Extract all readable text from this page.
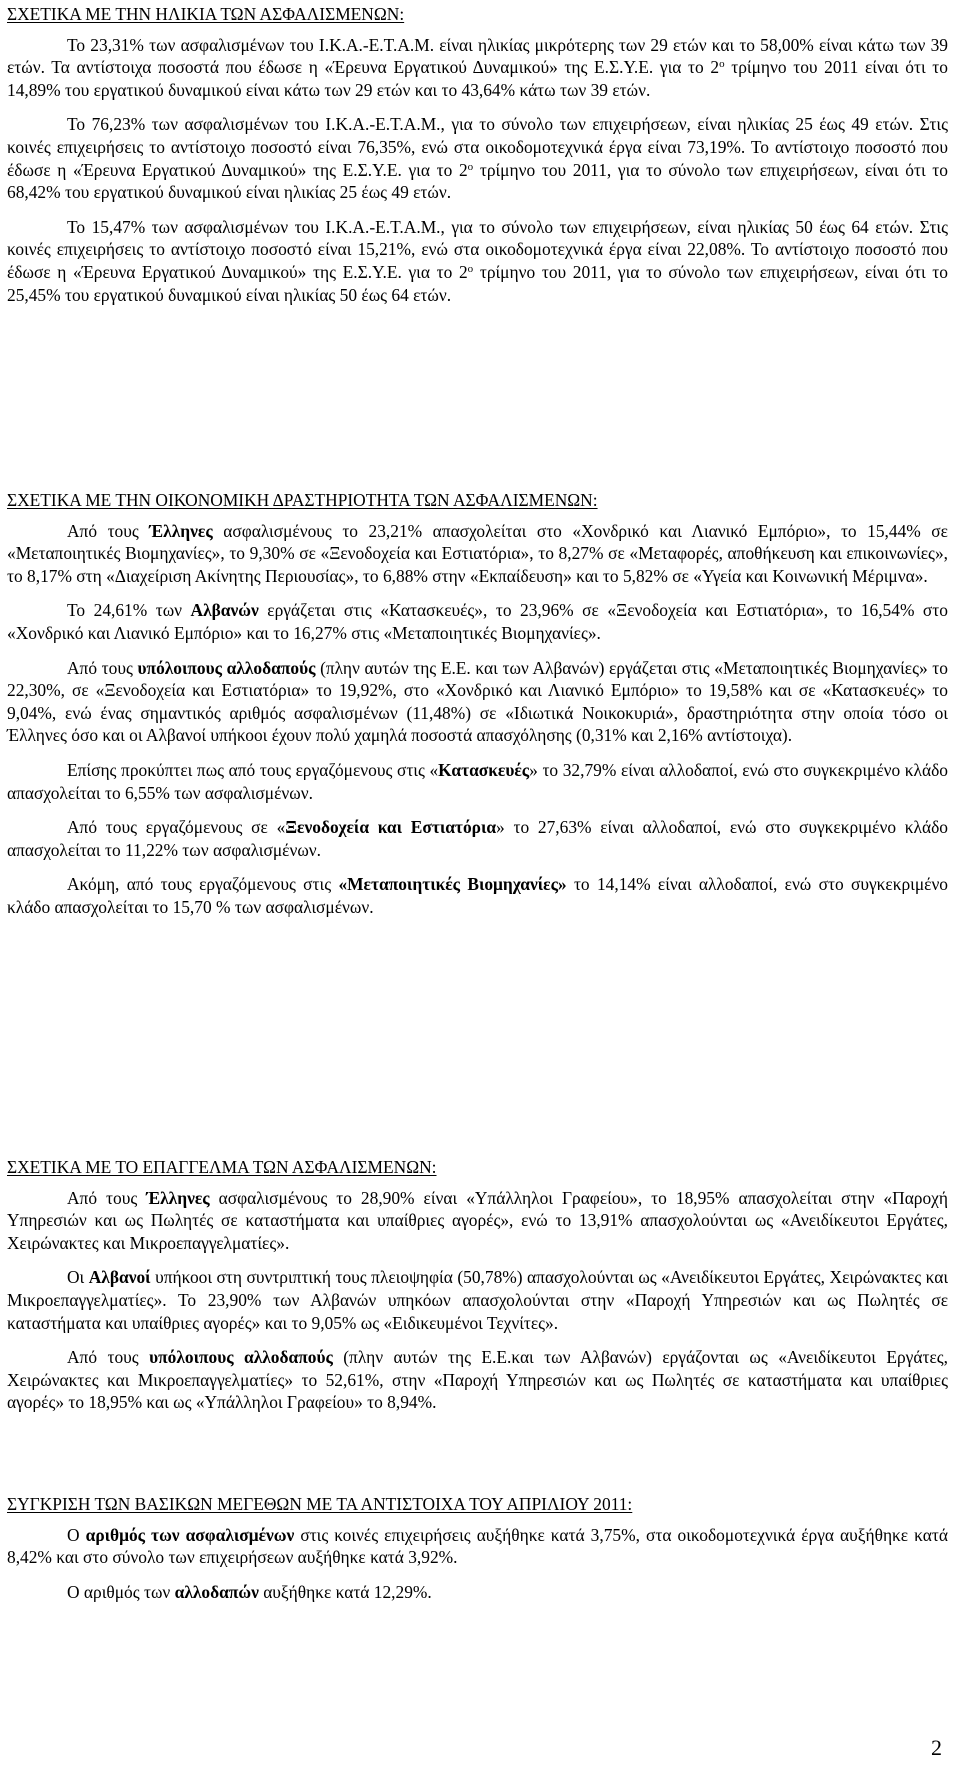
ΣΧΕΤΙΚΑ ΜΕ ΤΗΝ ΗΛΙΚΙΑ ΤΩΝ ΑΣΦΑΛΙΣΜΕΝΩΝ:

Το 23,31% των ασφαλισμένων του Ι.Κ.Α.-Ε.Τ.Α.Μ. είναι ηλικίας μικρότερης των 29 ετών και το 58,00% είναι κάτω των 39 ετών. Τα αντίστοιχα ποσοστά που έδωσε η «Έρευνα Εργατικού Δυναμικού» της Ε.Σ.Υ.Ε. για το $2^o$ τρίμηνο του 2011 είναι ότι το 14,89% του εργατικού δυναμικού είναι κάτω των 29 ετών και το 43,64% κάτω των 39 ετών.

Το 76,23% των ασφαλισμένων του Ι.Κ.Α.-Ε.Τ.Α.Μ., για το σύνολο των επιχειρήσεων, είναι ηλικίας 25 έως 49 ετών. Στις κοινές επιχειρήσεις το αντίστοιχο ποσοστό είναι 76,35%, ενώ στα οικοδομοτεχνικά έργα είναι 73,19%. Το αντίστοιχο ποσοστό που έδωσε η «Έρευνα Εργατικού Δυναμικού» της Ε.Σ.Υ.Ε. για το $2^o$ τρίμηνο του 2011, για το σύνολο των επιχειρήσεων, είναι ότι το 68,42% του εργατικού δυναμικού είναι ηλικίας 25 έως 49 ετών.

Το 15,47% των ασφαλισμένων του Ι.Κ.Α.-Ε.Τ.Α.Μ., για το σύνολο των επιχειρήσεων, είναι ηλικίας 50 έως 64 ετών. Στις κοινές επιχειρήσεις το αντίστοιχο ποσοστό είναι 15,21%, ενώ στα οικοδομοτεχνικά έργα είναι 22,08%. Το αντίστοιχο ποσοστό που έδωσε η «Έρευνα Εργατικού Δυναμικού» της Ε.Σ.Υ.Ε. για το $2^o$ τρίμηνο του 2011, για το σύνολο των επιχειρήσεων, είναι ότι το 25,45% του εργατικού δυναμικού είναι ηλικίας 50 έως 64 ετών.

ΣΧΕΤΙΚΑ ΜΕ ΤΗΝ ΟΙΚΟΝΟΜΙΚΗ ΔΡΑΣΤΗΡΙΟΤΗΤΑ ΤΩΝ ΑΣΦΑΛΙΣΜΕΝΩΝ:

Από τους Έλληνες ασφαλισμένους το 23,21% απασχολείται στο «Χονδρικό και Λιανικό Εμπόριο», το 15,44% σε «Μεταποιητικές Βιομηχανίες», το 9,30% σε «Ξενοδοχεία και Εστιατόρια», το 8,27% σε «Μεταφορές, αποθήκευση και επικοινωνίες», το 8,17% στη «Διαχείριση Ακίνητης Περιουσίας», το 6,88% στην «Εκπαίδευση» και το 5,82% σε «Υγεία και Κοινωνική Μέριμνα».

Το 24,61% των Αλβανών εργάζεται στις «Κατασκευές», το 23,96% σε «Ξενοδοχεία και Εστιατόρια», το 16,54% στο «Χονδρικό και Λιανικό Εμπόριο» και το 16,27% στις «Μεταποιητικές Βιομηχανίες».

Από τους υπόλοιπους αλλοδαπούς (πλην αυτών της Ε.Ε. και των Αλβανών) εργάζεται στις «Μεταποιητικές Βιομηχανίες» το 22,30%, σε «Ξενοδοχεία και Εστιατόρια» το 19,92%, στο «Χονδρικό και Λιανικό Εμπόριο» το 19,58% και σε «Κατασκευές» το 9,04%, ενώ ένας σημαντικός αριθμός ασφαλισμένων (11,48%) σε «Ιδιωτικά Νοικοκυριά», δραστηριότητα στην οποία τόσο οι Έλληνες όσο και οι Αλβανοί υπήκοοι έχουν πολύ χαμηλά ποσοστά απασχόλησης (0,31% και 2,16% αντίστοιχα).

Επίσης προκύπτει πως από τους εργαζόμενους στις «Κατασκευές» το 32,79% είναι αλλοδαποί, ενώ στο συγκεκριμένο κλάδο απασχολείται το 6,55% των ασφαλισμένων.

Από τους εργαζόμενους σε «Ξενοδοχεία και Εστιατόρια» το 27,63% είναι αλλοδαποί, ενώ στο συγκεκριμένο κλάδο απασχολείται το 11,22% των ασφαλισμένων.

Ακόμη, από τους εργαζόμενους στις «Μεταποιητικές Βιομηχανίες» το 14,14% είναι αλλοδαποί, ενώ στο συγκεκριμένο κλάδο απασχολείται το 15,70 % των ασφαλισμένων.

ΣΧΕΤΙΚΑ ΜΕ ΤΟ ΕΠΑΓΓΕΛΜΑ ΤΩΝ ΑΣΦΑΛΙΣΜΕΝΩΝ:

Από τους Έλληνες ασφαλισμένους το 28,90% είναι «Υπάλληλοι Γραφείου», το 18,95% απασχολείται στην «Παροχή Υπηρεσιών και ως Πωλητές σε καταστήματα και υπαίθριες αγορές», ενώ το 13,91% απασχολούνται ως «Ανειδίκευτοι Εργάτες, Χειρώνακτες και Μικροεπαγγελματίες».

Οι Αλβανοί υπήκοοι στη συντριπτική τους πλειοψηφία (50,78%) απασχολούνται ως «Ανειδίκευτοι Εργάτες, Χειρώνακτες και Μικροεπαγγελματίες». Το 23,90% των Αλβανών υπηκόων απασχολούνται στην «Παροχή Υπηρεσιών και ως Πωλητές σε καταστήματα και υπαίθριες αγορές» και το 9,05% ως «Ειδικευμένοι Τεχνίτες».

Από τους υπόλοιπους αλλοδαπούς (πλην αυτών της Ε.Ε.και των Αλβανών) εργάζονται ως «Ανειδίκευτοι Εργάτες, Χειρώνακτες και Μικροεπαγγελματίες» το 52,61%, στην «Παροχή Υπηρεσιών και ως Πωλητές σε καταστήματα και υπαίθριες αγορές» το 18,95% και ως «Υπάλληλοι Γραφείου» το 8,94%.

ΣΥΓΚΡΙΣΗ ΤΩΝ ΒΑΣΙΚΩΝ ΜΕΓΕΘΩΝ ΜΕ ΤΑ ΑΝΤΙΣΤΟΙΧΑ ΤΟΥ ΑΠΡΙΛΙΟΥ 2011:

Ο αριθμός των ασφαλισμένων στις κοινές επιχειρήσεις αυξήθηκε κατά 3,75%, στα οικοδομοτεχνικά έργα αυξήθηκε κατά 8,42% και στο σύνολο των επιχειρήσεων αυξήθηκε κατά 3,92%.

Ο αριθμός των αλλοδαπών αυξήθηκε κατά 12,29%.

2
